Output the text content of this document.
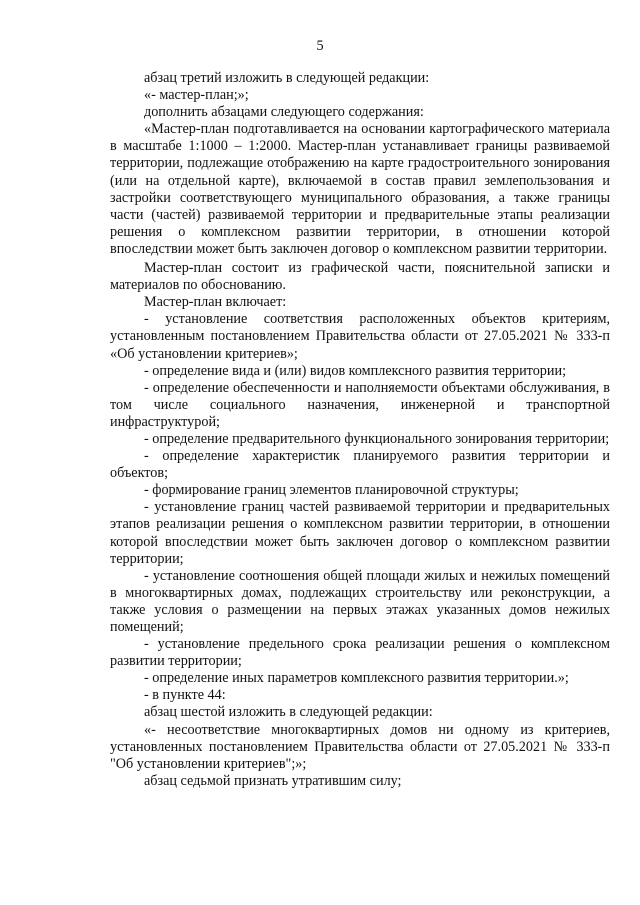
5

абзац третий изложить в следующей редакции:

«- мастер-план;»;

дополнить абзацами следующего содержания:

«Мастер-план подготавливается на основании картографического материала в масштабе 1:1000 – 1:2000. Мастер-план устанавливает границы развиваемой территории, подлежащие отображению на карте градостроительного зонирования (или на отдельной карте), включаемой в состав правил землепользования и застройки соответствующего муниципального образования, а также границы части (частей) развиваемой территории и предварительные этапы реализации решения о комплексном развитии территории, в отношении которой впоследствии может быть заключен договор о комплексном развитии территории.

Мастер-план состоит из графической части, пояснительной записки и материалов по обоснованию.

Мастер-план включает:

- установление соответствия расположенных объектов критериям, установленным постановлением Правительства области от 27.05.2021 № 333-п «Об установлении критериев»;

- определение вида и (или) видов комплексного развития территории;

- определение обеспеченности и наполняемости объектами обслуживания, в том числе социального назначения, инженерной и транспортной инфраструктурой;

- определение предварительного функционального зонирования территории;

- определение характеристик планируемого развития территории и объектов;

- формирование границ элементов планировочной структуры;

- установление границ частей развиваемой территории и предварительных этапов реализации решения о комплексном развитии территории, в отношении которой впоследствии может быть заключен договор о комплексном развитии территории;

- установление соотношения общей площади жилых и нежилых помещений в многоквартирных домах, подлежащих строительству или реконструкции, а также условия о размещении на первых этажах указанных домов нежилых помещений;

- установление предельного срока реализации решения о комплексном развитии территории;

- определение иных параметров комплексного развития территории.»;

- в пункте 44:

абзац шестой изложить в следующей редакции:

«- несоответствие многоквартирных домов ни одному из критериев, установленных постановлением Правительства области от 27.05.2021 № 333-п "Об установлении критериев";»;

абзац седьмой признать утратившим силу;
